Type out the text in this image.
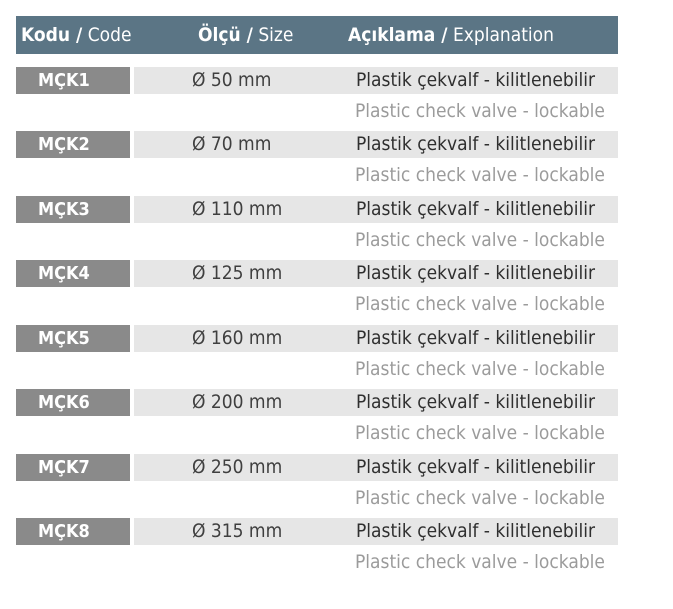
Kodu / Code	Ölçü / Size	Açıklama / Explanation
MÇK1	Ø 50 mm	Plastik çekvalf - kilitlenebilir
Plastic check valve - lockable
MÇK2	Ø 70 mm	Plastik çekvalf - kilitlenebilir
Plastic check valve - lockable
MÇK3	Ø 110 mm	Plastik çekvalf - kilitlenebilir
Plastic check valve - lockable
MÇK4	Ø 125 mm	Plastik çekvalf - kilitlenebilir
Plastic check valve - lockable
MÇK5	Ø 160 mm	Plastik çekvalf - kilitlenebilir
Plastic check valve - lockable
MÇK6	Ø 200 mm	Plastik çekvalf - kilitlenebilir
Plastic check valve - lockable
MÇK7	Ø 250 mm	Plastik çekvalf - kilitlenebilir
Plastic check valve - lockable
MÇK8	Ø 315 mm	Plastik çekvalf - kilitlenebilir
Plastic check valve - lockable
